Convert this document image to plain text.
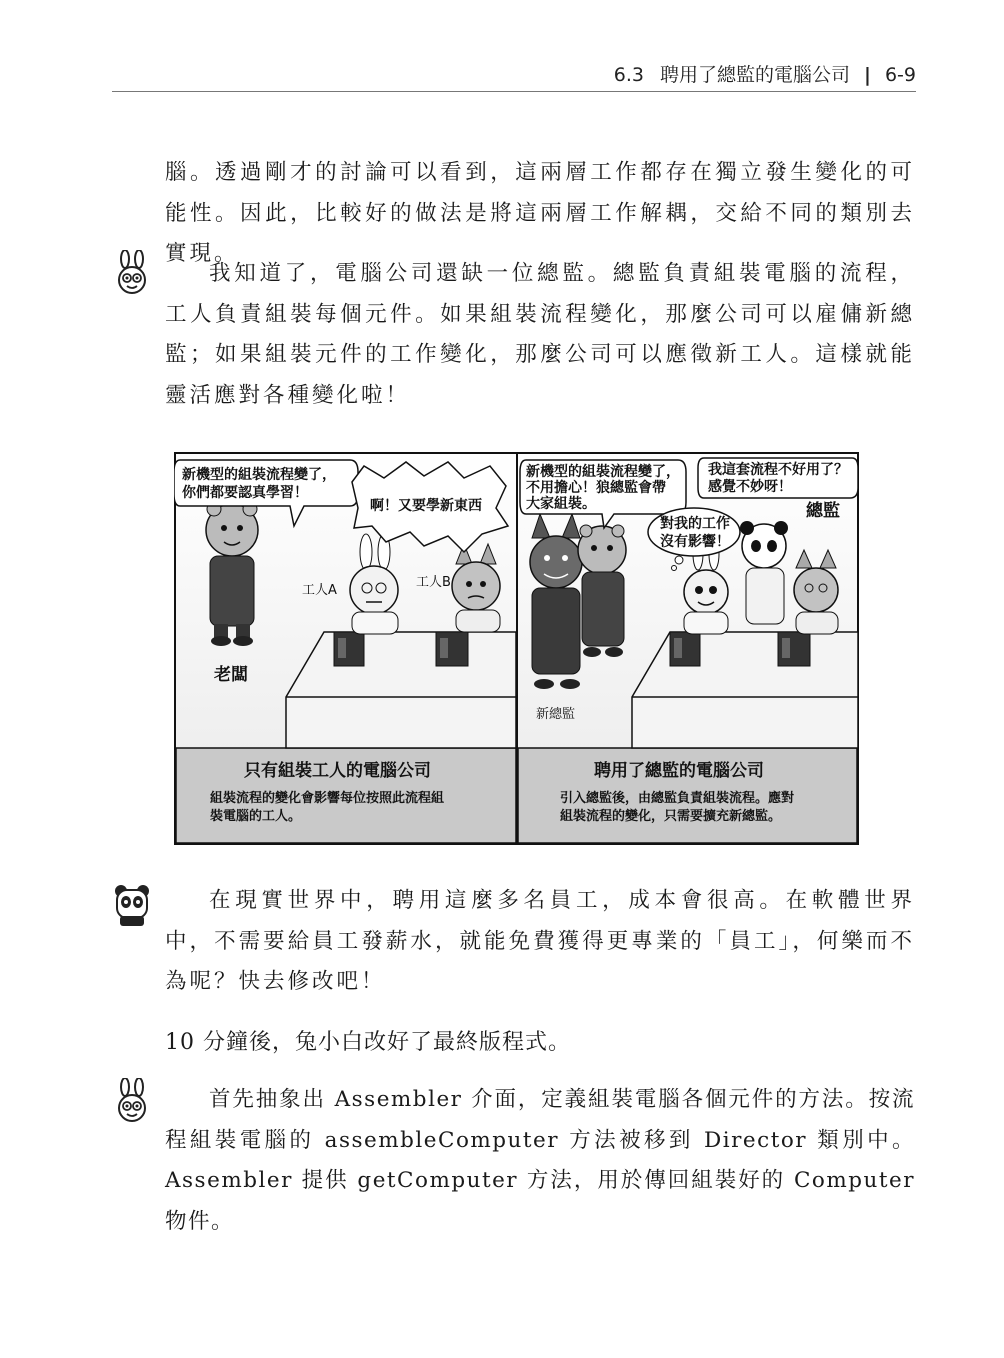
6.3 聘用了總監的電腦公司 | 6-9
腦。透過剛才的討論可以看到，這兩層工作都存在獨立發生變化的可能性。因此，比較好的做法是將這兩層工作解耦，交給不同的類別去實現。
我知道了，電腦公司還缺一位總監。總監負責組裝電腦的流程，工人負責組裝每個元件。如果組裝流程變化，那麼公司可以雇傭新總監；如果組裝元件的工作變化，那麼公司可以應徵新工人。這樣就能靈活應對各種變化啦！
新機型的組裝流程變了，
你們都要認真學習！
啊！又要學新東西
工人A
工人B
老闆
只有組裝工人的電腦公司
組裝流程的變化會影響每位按照此流程組
裝電腦的工人。
新機型的組裝流程變了，
不用擔心！狼總監會帶
大家組裝。
我這套流程不好用了？
感覺不妙呀！
對我的工作
沒有影響！
總監
新總監
聘用了總監的電腦公司
引入總監後，由總監負責組裝流程。應對
組裝流程的變化，只需要擴充新總監。
在現實世界中，聘用這麼多名員工，成本會很高。在軟體世界中，不需要給員工發薪水，就能免費獲得更專業的「員工」，何樂而不為呢？快去修改吧！
10 分鐘後，兔小白改好了最終版程式。
首先抽象出 Assembler 介面，定義組裝電腦各個元件的方法。按流程組裝電腦的 assembleComputer 方法被移到 Director 類別中。Assembler 提供 getComputer 方法，用於傳回組裝好的 Computer 物件。
